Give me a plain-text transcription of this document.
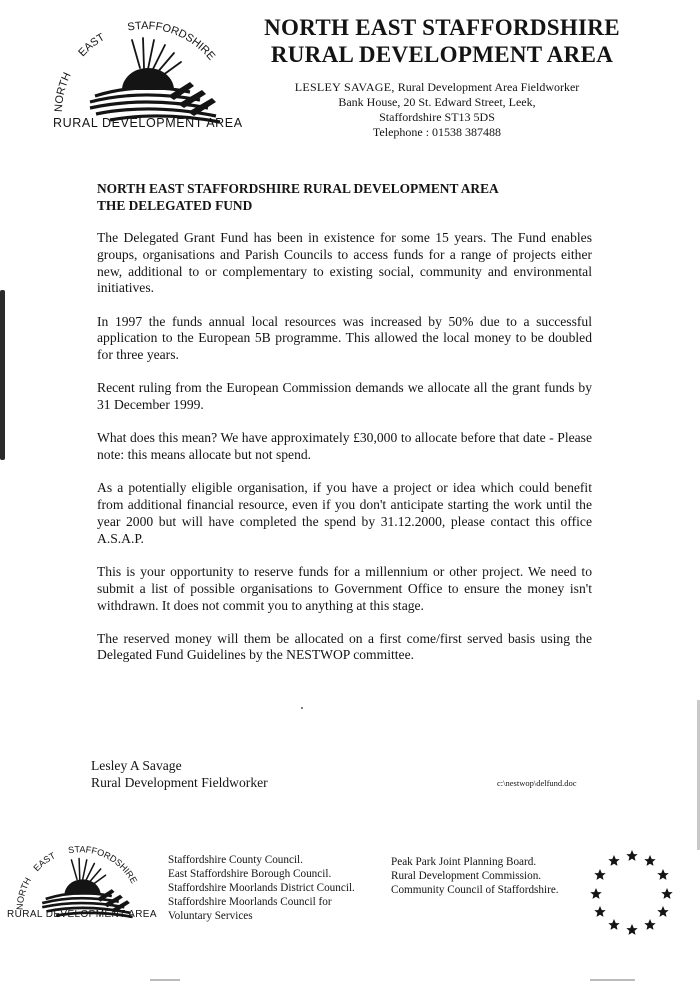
NORTH
EAST
STAFFORDSHIRE
RURAL DEVELOPMENT AREA
NORTH EAST STAFFORDSHIRE
RURAL DEVELOPMENT AREA
LESLEY SAVAGE, Rural Development Area Fieldworker
Bank House, 20 St. Edward Street, Leek,
Staffordshire ST13 5DS
Telephone : 01538 387488
NORTH EAST STAFFORDSHIRE RURAL DEVELOPMENT AREA
THE DELEGATED FUND

The Delegated Grant Fund has been in existence for some 15 years. The Fund enables groups, organisations and Parish Councils to access funds for a range of projects either new, additional to or complementary to existing social, community and environmental initiatives.

In 1997 the funds annual local resources was increased by 50% due to a successful application to the European 5B programme. This allowed the local money to be doubled for three years.

Recent ruling from the European Commission demands we allocate all the grant funds by 31 December 1999.

What does this mean? We have approximately £30,000 to allocate before that date - Please note: this means allocate but not spend.

As a potentially eligible organisation, if you have a project or idea which could benefit from additional financial resource, even if you don't anticipate starting the work until the year 2000 but will have completed the spend by 31.12.2000, please contact this office A.S.A.P.

This is your opportunity to reserve funds for a millennium or other project. We need to submit a list of possible organisations to Government Office to ensure the money isn't withdrawn. It does not commit you to anything at this stage.

The reserved money will them be allocated on a first come/first served basis using the Delegated Fund Guidelines by the NESTWOP committee.

Lesley A Savage
Rural Development Fieldworker	c:\nestwop\delfund.doc
NORTH
EAST
STAFFORDSHIRE
RURAL DEVELOPMENT AREA
Staffordshire County Council.
East Staffordshire Borough Council.
Staffordshire Moorlands District Council.
Staffordshire Moorlands Council for
Voluntary Services
Peak Park Joint Planning Board.
Rural Development Commission.
Community Council of Staffordshire.
